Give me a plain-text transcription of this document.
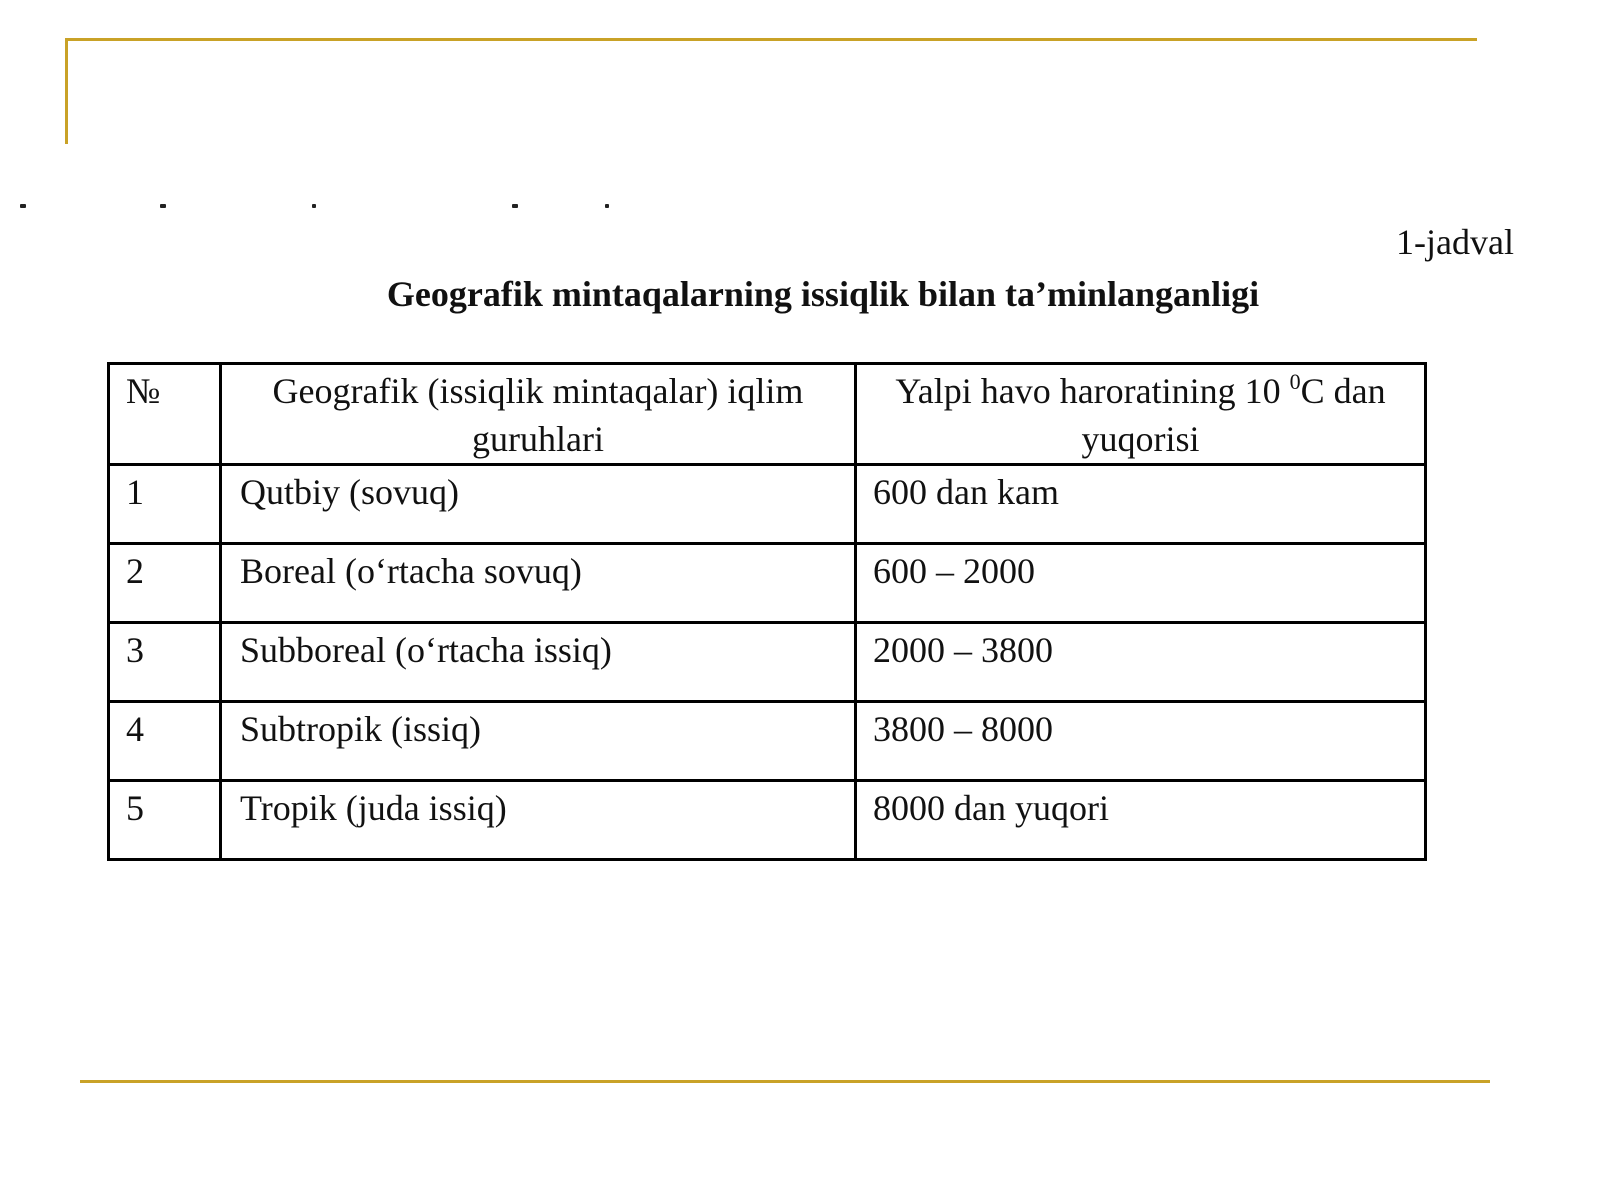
1-jadval
Geografik mintaqalarning issiqlik bilan ta’minlanganligi
№	Geografik (issiqlik mintaqalar) iqlim guruhlari	Yalpi havo haroratining 10 $^0$C dan yuqorisi
1	Qutbiy (sovuq)	600 dan kam
2	Boreal (o‘rtacha sovuq)	600 – 2000
3	Subboreal (o‘rtacha issiq)	2000 – 3800
4	Subtropik (issiq)	3800 – 8000
5	Tropik (juda issiq)	8000 dan yuqori
